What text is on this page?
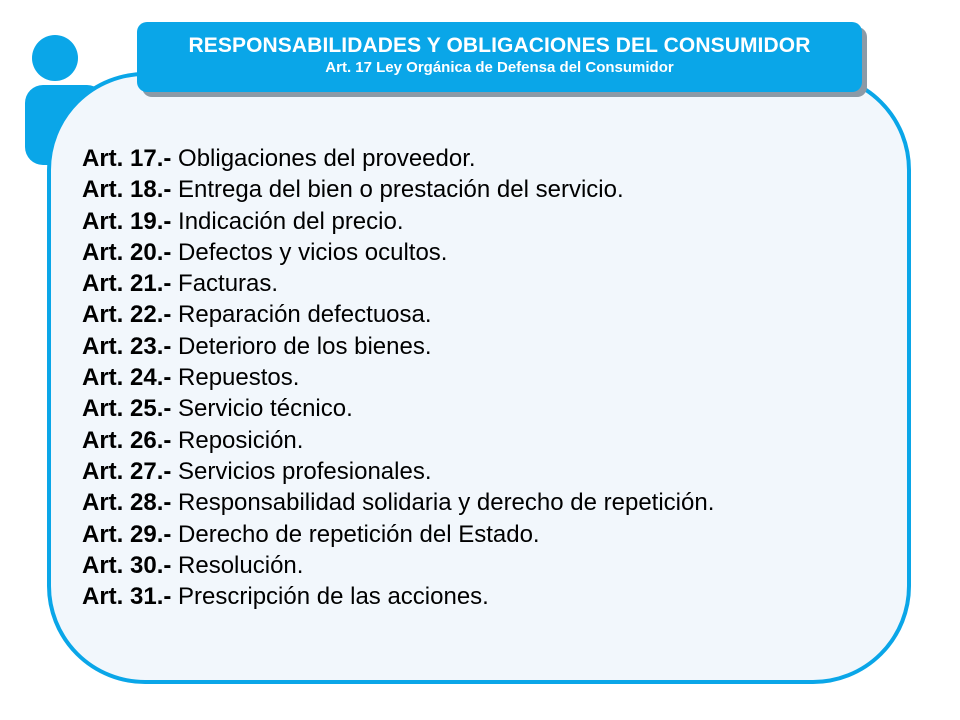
RESPONSABILIDADES Y OBLIGACIONES DEL CONSUMIDOR
Art. 17 Ley Orgánica de Defensa del Consumidor
Art. 17.- Obligaciones del proveedor.
Art. 18.- Entrega del bien o prestación del servicio.
Art. 19.- Indicación del precio.
Art. 20.- Defectos y vicios ocultos.
Art. 21.- Facturas.
Art. 22.- Reparación defectuosa.
Art. 23.- Deterioro de los bienes.
Art. 24.- Repuestos.
Art. 25.- Servicio técnico.
Art. 26.- Reposición.
Art. 27.- Servicios profesionales.
Art. 28.- Responsabilidad solidaria y derecho de repetición.
Art. 29.- Derecho de repetición del Estado.
Art. 30.- Resolución.
Art. 31.- Prescripción de las acciones.
